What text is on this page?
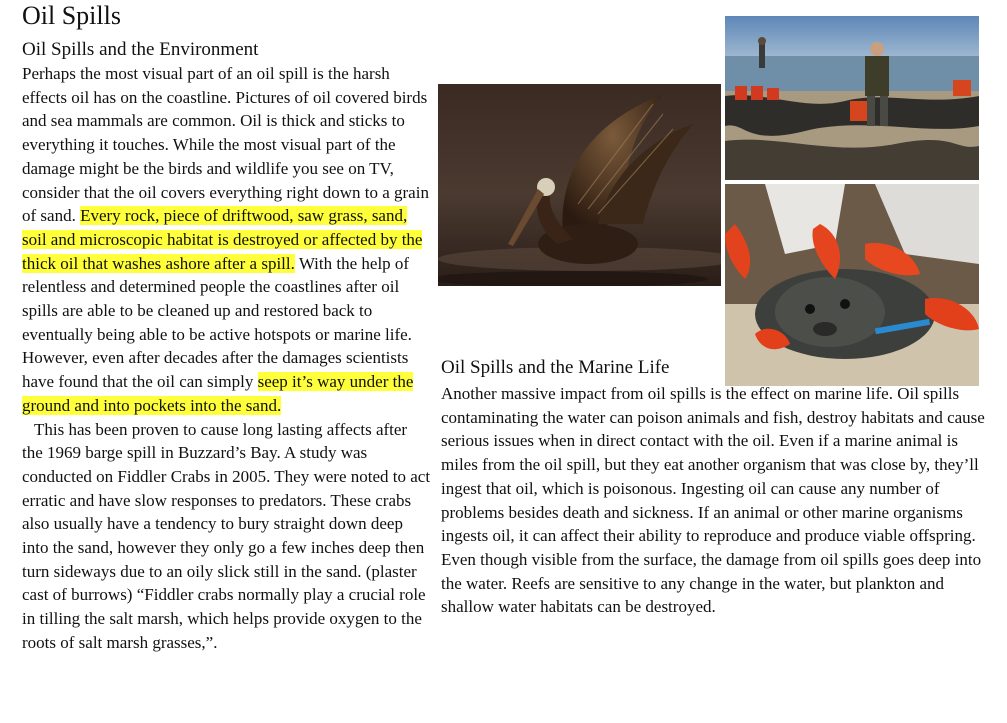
Oil Spills
Oil Spills and the Environment

Perhaps the most visual part of an oil spill is the harsh effects oil has on the coastline. Pictures of oil covered birds and sea mammals are common. Oil is thick and sticks to everything it touches. While the most visual part of the damage might be the birds and wildlife you see on TV, consider that the oil covers everything right down to a grain of sand. Every rock, piece of driftwood, saw grass, sand, soil and microscopic habitat is destroyed or affected by the thick oil that washes ashore after a spill. With the help of relentless and determined people the coastlines after oil spills are able to be cleaned up and restored back to eventually being able to be active hotspots or marine life. However, even after decades after the damages scientists have found that the oil can simply seep it’s way under the ground and into pockets into the sand.

This has been proven to cause long lasting affects after the 1969 barge spill in Buzzard’s Bay. A study was conducted on Fiddler Crabs in 2005. They were noted to act erratic and have slow responses to predators. These crabs also usually have a tendency to bury straight down deep into the sand, however they only go a few inches deep then turn sideways due to an oily slick still in the sand. (plaster cast of burrows) “Fiddler crabs normally play a crucial role in tilling the salt marsh, which helps provide oxygen to the roots of salt marsh grasses,”.

Oil Spills and the Marine Life

Another massive impact from oil spills is the effect on marine life. Oil spills contaminating the water can poison animals and fish, destroy habitats and cause serious issues when in direct contact with the oil. Even if a marine animal is miles from the oil spill, but they eat another organism that was close by, they’ll ingest that oil, which is poisonous. Ingesting oil can cause any number of problems besides death and sickness. If an animal or other marine organisms ingests oil, it can affect their ability to reproduce and produce viable offspring.

Even though visible from the surface, the damage from oil spills goes deep into the water. Reefs are sensitive to any change in the water, but plankton and shallow water habitats can be destroyed.
